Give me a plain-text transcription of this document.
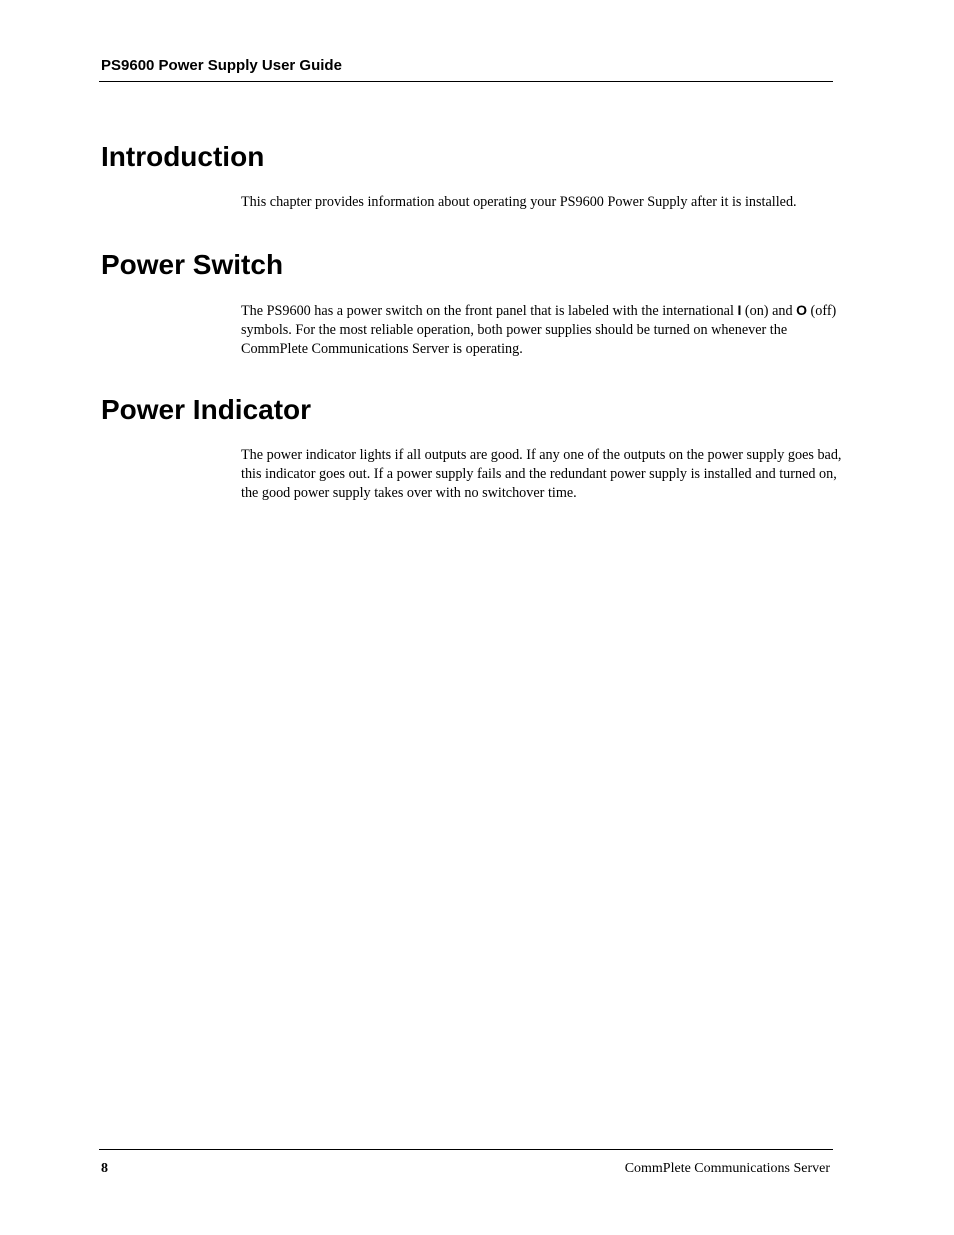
PS9600 Power Supply User Guide
Introduction

This chapter provides information about operating your PS9600 Power Supply after it is installed.

Power Switch

The PS9600 has a power switch on the front panel that is labeled with the international I (on) and O (off)
symbols. For the most reliable operation, both power supplies should be turned on whenever the
CommPlete Communications Server is operating.

Power Indicator

The power indicator lights if all outputs are good. If any one of the outputs on the power supply goes bad,
this indicator goes out. If a power supply fails and the redundant power supply is installed and turned on,
the good power supply takes over with no switchover time.

8	CommPlete Communications Server
